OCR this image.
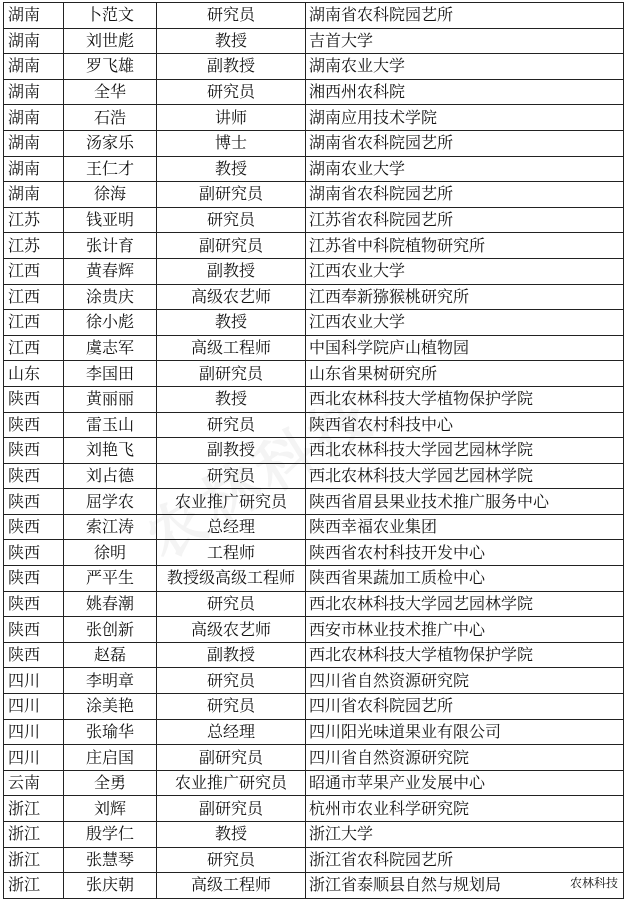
湖南	卜范文	研究员	湖南省农科院园艺所
湖南	刘世彪	教授	吉首大学
湖南	罗飞雄	副教授	湖南农业大学
湖南	全华	研究员	湘西州农科院
湖南	石浩	讲师	湖南应用技术学院
湖南	汤家乐	博士	湖南省农科院园艺所
湖南	王仁才	教授	湖南农业大学
湖南	徐海	副研究员	湖南省农科院园艺所
江苏	钱亚明	研究员	江苏省农科院园艺所
江苏	张计育	副研究员	江苏省中科院植物研究所
江西	黄春辉	副教授	江西农业大学
江西	涂贵庆	高级农艺师	江西奉新猕猴桃研究所
江西	徐小彪	教授	江西农业大学
江西	虞志军	高级工程师	中国科学院庐山植物园
山东	李国田	副研究员	山东省果树研究所
陕西	黄丽丽	教授	西北农林科技大学植物保护学院
陕西	雷玉山	研究员	陕西省农村科技中心
陕西	刘艳飞	副教授	西北农林科技大学园艺园林学院
陕西	刘占德	研究员	西北农林科技大学园艺园林学院
陕西	屈学农	农业推广研究员	陕西省眉县果业技术推广服务中心
陕西	索江涛	总经理	陕西幸福农业集团
陕西	徐明	工程师	陕西省农村科技开发中心
陕西	严平生	教授级高级工程师	陕西省果蔬加工质检中心
陕西	姚春潮	研究员	西北农林科技大学园艺园林学院
陕西	张创新	高级农艺师	西安市林业技术推广中心
陕西	赵磊	副教授	西北农林科技大学植物保护学院
四川	李明章	研究员	四川省自然资源研究院
四川	涂美艳	研究员	四川省农科院园艺所
四川	张瑜华	总经理	四川阳光味道果业有限公司
四川	庄启国	副研究员	四川省自然资源研究院
云南	全勇	农业推广研究员	昭通市苹果产业发展中心
浙江	刘辉	副研究员	杭州市农业科学研究院
浙江	殷学仁	教授	浙江大学
浙江	张慧琴	研究员	浙江省农科院园艺所
浙江	张庆朝	高级工程师	浙江省泰顺县自然与规划局	农林科技
